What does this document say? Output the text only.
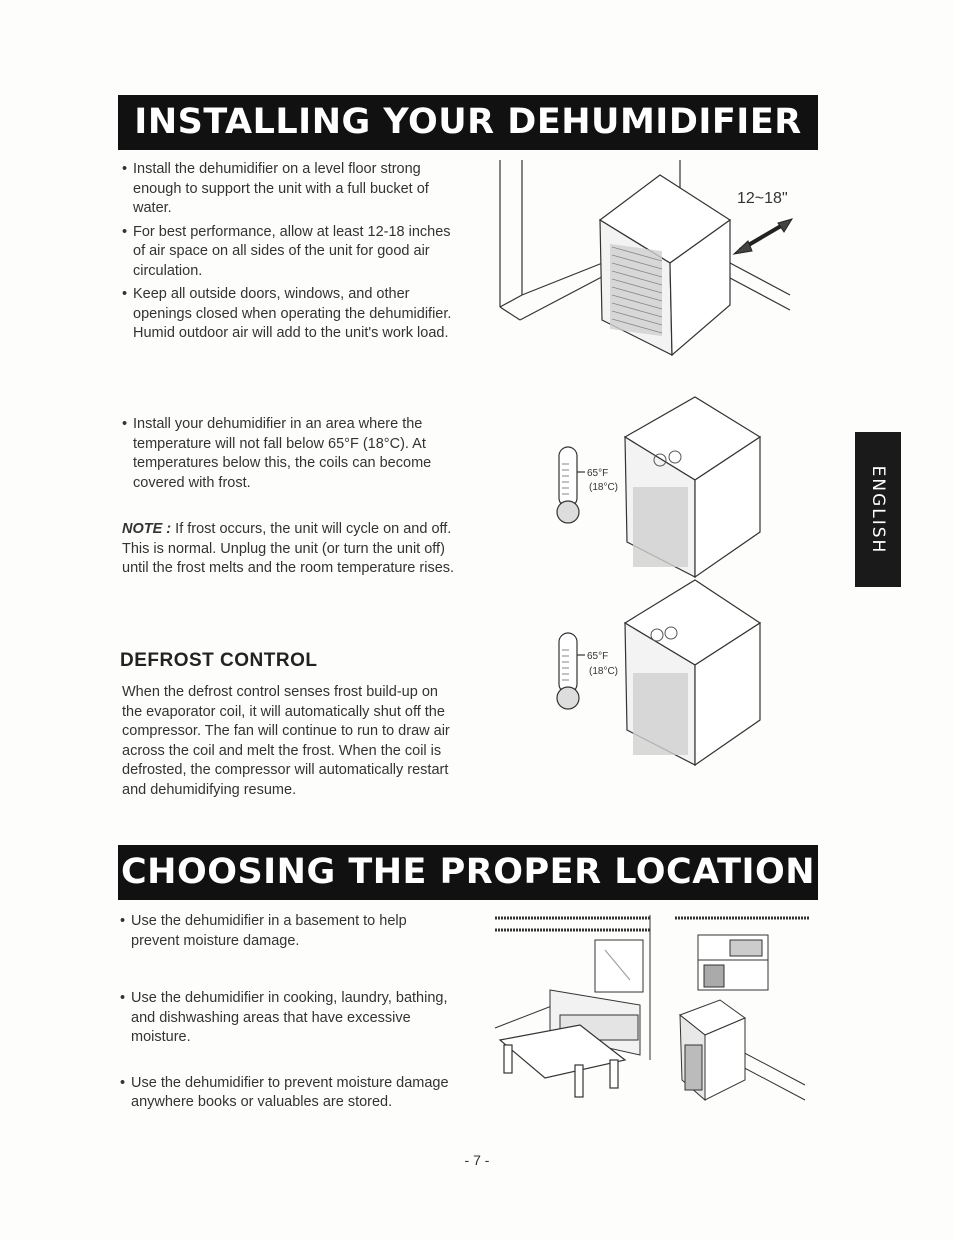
INSTALLING YOUR DEHUMIDIFIER

• Install the dehumidifier on a level floor strong enough to support the unit with a full bucket of water.

• For best performance, allow at least 12-18 inches of air space on all sides of the unit for good air circulation.

• Keep all outside doors, windows, and other openings closed when operating the dehumidifier. Humid outdoor air will add to the unit's work load.

• Install your dehumidifier in an area where the temperature will not fall below 65°F (18°C). At temperatures below this, the coils can become covered with frost.

NOTE : If frost occurs, the unit will cycle on and off. This is normal. Unplug the unit (or turn the unit off) until the frost melts and the room temperature rises.
DEFROST CONTROL
When the defrost control senses frost build-up on the evaporator coil, it will automatically shut off the compressor. The fan will continue to run to draw air across the coil and melt the frost. When the coil is defrosted, the compressor will automatically restart and dehumidifying resume.
12~18"
65°F
(18°C)
65°F
(18°C)
CHOOSING THE PROPER LOCATION

• Use the dehumidifier in a basement to help prevent moisture damage.

• Use the dehumidifier in cooking, laundry, bathing, and dishwashing areas that have excessive moisture.

• Use the dehumidifier to prevent moisture damage anywhere books or valuables are stored.

ENGLISH
- 7 -
